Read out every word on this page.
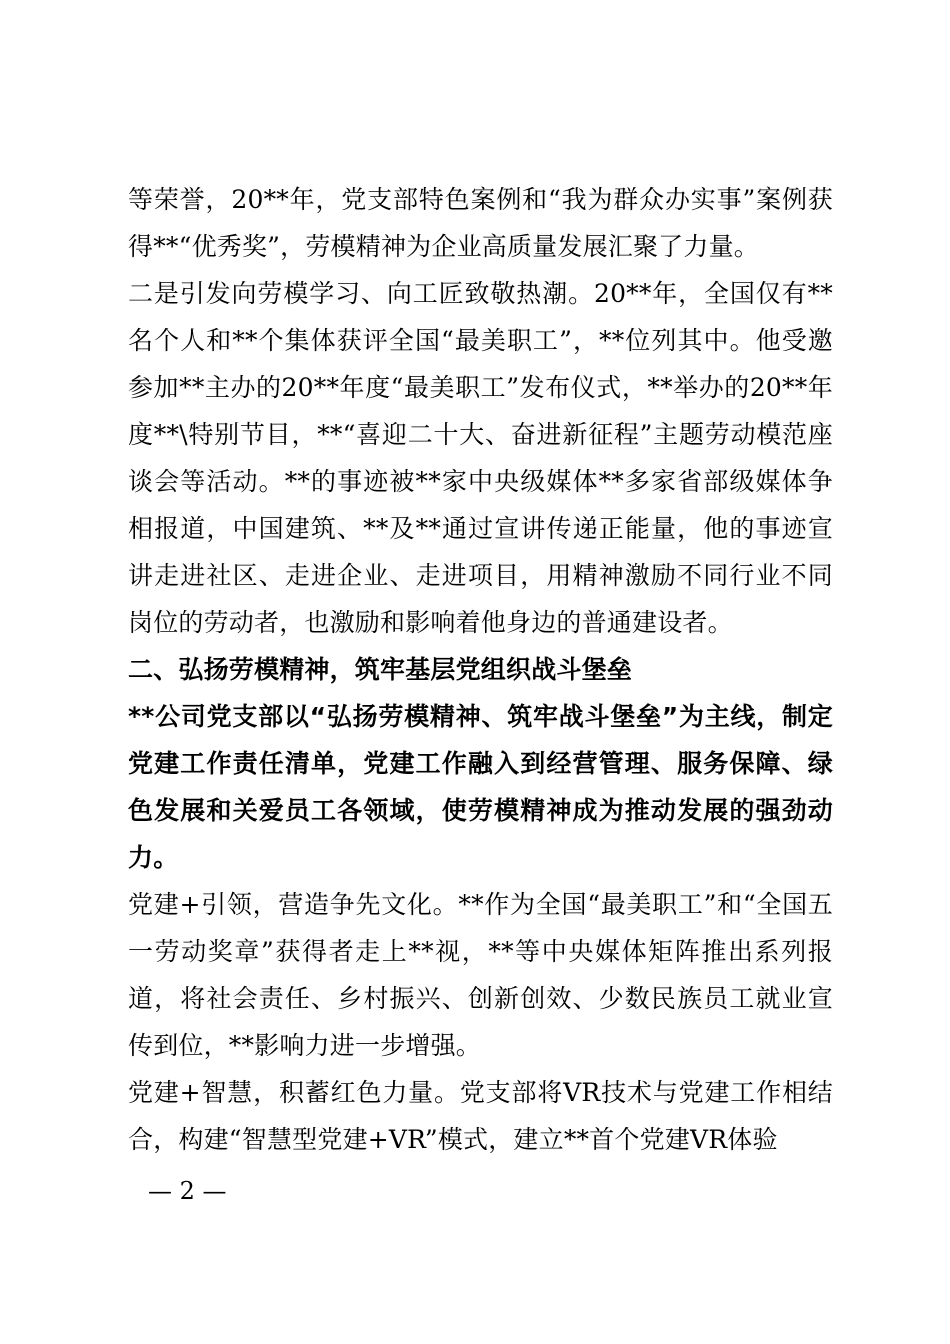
等荣誉，20**年，党支部特色案例和“我为群众办实事”案例获得**“优秀奖”，劳模精神为企业高质量发展汇聚了力量。

二是引发向劳模学习、向工匠致敬热潮。20**年，全国仅有**名个人和**个集体获评全国“最美职工”，**位列其中。他受邀参加**主办的20**年度“最美职工”发布仪式，**举办的20**年度**\特别节目，**“喜迎二十大、奋进新征程”主题劳动模范座谈会等活动。**的事迹被**家中央级媒体**多家省部级媒体争相报道，中国建筑、**及**通过宣讲传递正能量，他的事迹宣讲走进社区、走进企业、走进项目，用精神激励不同行业不同岗位的劳动者，也激励和影响着他身边的普通建设者。

二、弘扬劳模精神，筑牢基层党组织战斗堡垒

**公司党支部以“弘扬劳模精神、筑牢战斗堡垒”为主线，制定党建工作责任清单，党建工作融入到经营管理、服务保障、绿色发展和关爱员工各领域，使劳模精神成为推动发展的强劲动力。

党建+引领，营造争先文化。**作为全国“最美职工”和“全国五一劳动奖章”获得者走上**视，**等中央媒体矩阵推出系列报道，将社会责任、乡村振兴、创新创效、少数民族员工就业宣传到位，**影响力进一步增强。

党建+智慧，积蓄红色力量。党支部将VR技术与党建工作相结合，构建“智慧型党建+VR”模式，建立**首个党建VR体验

— 2 —
